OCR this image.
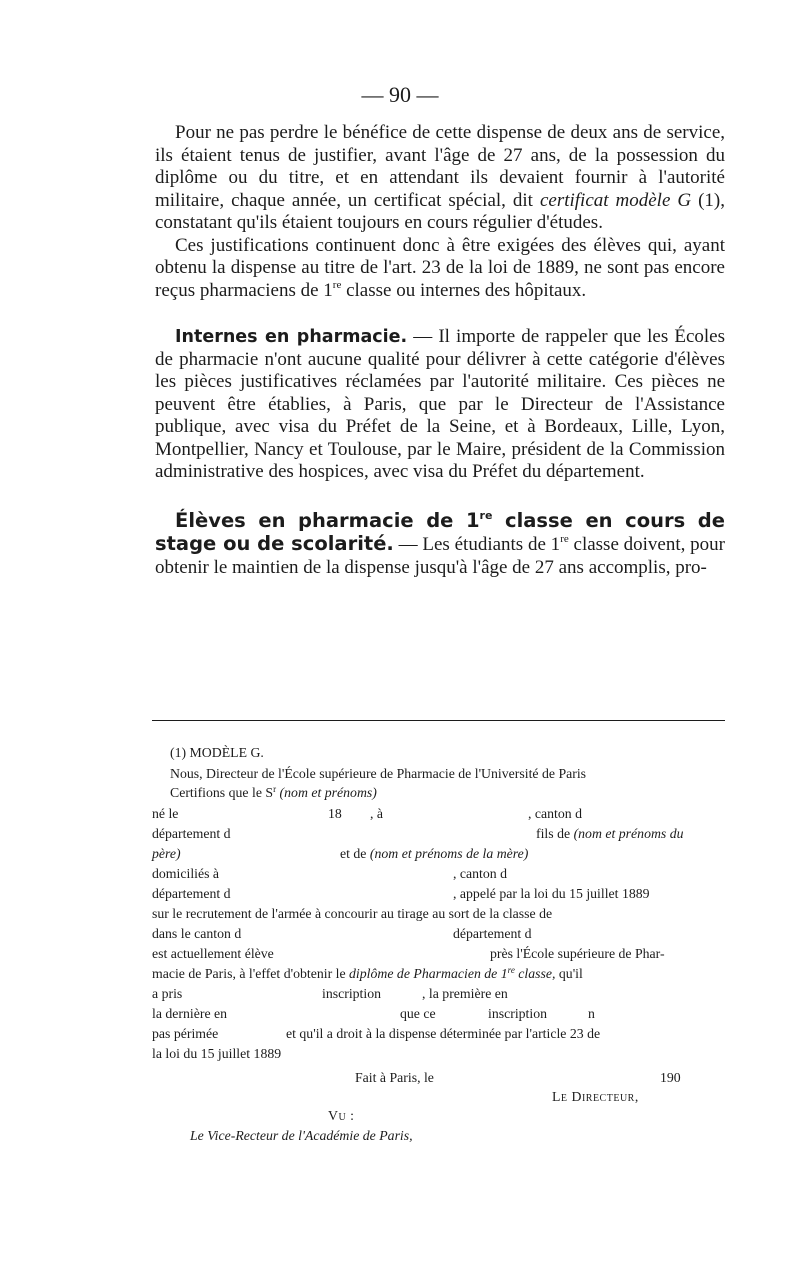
— 90 —

Pour ne pas perdre le bénéfice de cette dispense de deux ans de service, ils étaient tenus de justifier, avant l'âge de 27 ans, de la possession du diplôme ou du titre, et en attendant ils devaient fournir à l'autorité militaire, chaque année, un certificat spécial, dit certificat modèle G (1), constatant qu'ils étaient toujours en cours régulier d'études.

Ces justifications continuent donc à être exigées des élèves qui, ayant obtenu la dispense au titre de l'art. 23 de la loi de 1889, ne sont pas encore reçus pharmaciens de 1re classe ou internes des hôpitaux.

Internes en pharmacie. — Il importe de rappeler que les Écoles de pharmacie n'ont aucune qualité pour délivrer à cette catégorie d'élèves les pièces justificatives réclamées par l'autorité militaire. Ces pièces ne peuvent être établies, à Paris, que par le Directeur de l'Assistance publique, avec visa du Préfet de la Seine, et à Bordeaux, Lille, Lyon, Montpellier, Nancy et Toulouse, par le Maire, président de la Commission administrative des hospices, avec visa du Préfet du département.

Élèves en pharmacie de 1re classe en cours de stage ou de scolarité. — Les étudiants de 1re classe doivent, pour obtenir le maintien de la dispense jusqu'à l'âge de 27 ans accomplis, pro-

(1) MODÈLE G.
Nous, Directeur de l'École supérieure de Pharmacie de l'Université de Paris
Certifions que le $S^r$ (nom et prénoms)
né le	18 , à	, canton d
département d	fils de (nom et prénoms du
père)	et de (nom et prénoms de la mère)
domiciliés à	, canton d
département d	, appelé par la loi du 15 juillet 1889
sur le recrutement de l'armée à concourir au tirage au sort de la classe de
dans le canton d	département d
est actuellement élève	près l'École supérieure de Phar-
macie de Paris, à l'effet d'obtenir le diplôme de Pharmacien de 1re classe, qu'il
a pris	inscription	, la première en
la dernière en	que ce	inscription	n
pas périmée	et qu'il a droit à la dispense déterminée par l'article 23 de
la loi du 15 juillet 1889
Fait à Paris, le	190
Le Directeur,
Vu :
Le Vice-Recteur de l'Académie de Paris,
